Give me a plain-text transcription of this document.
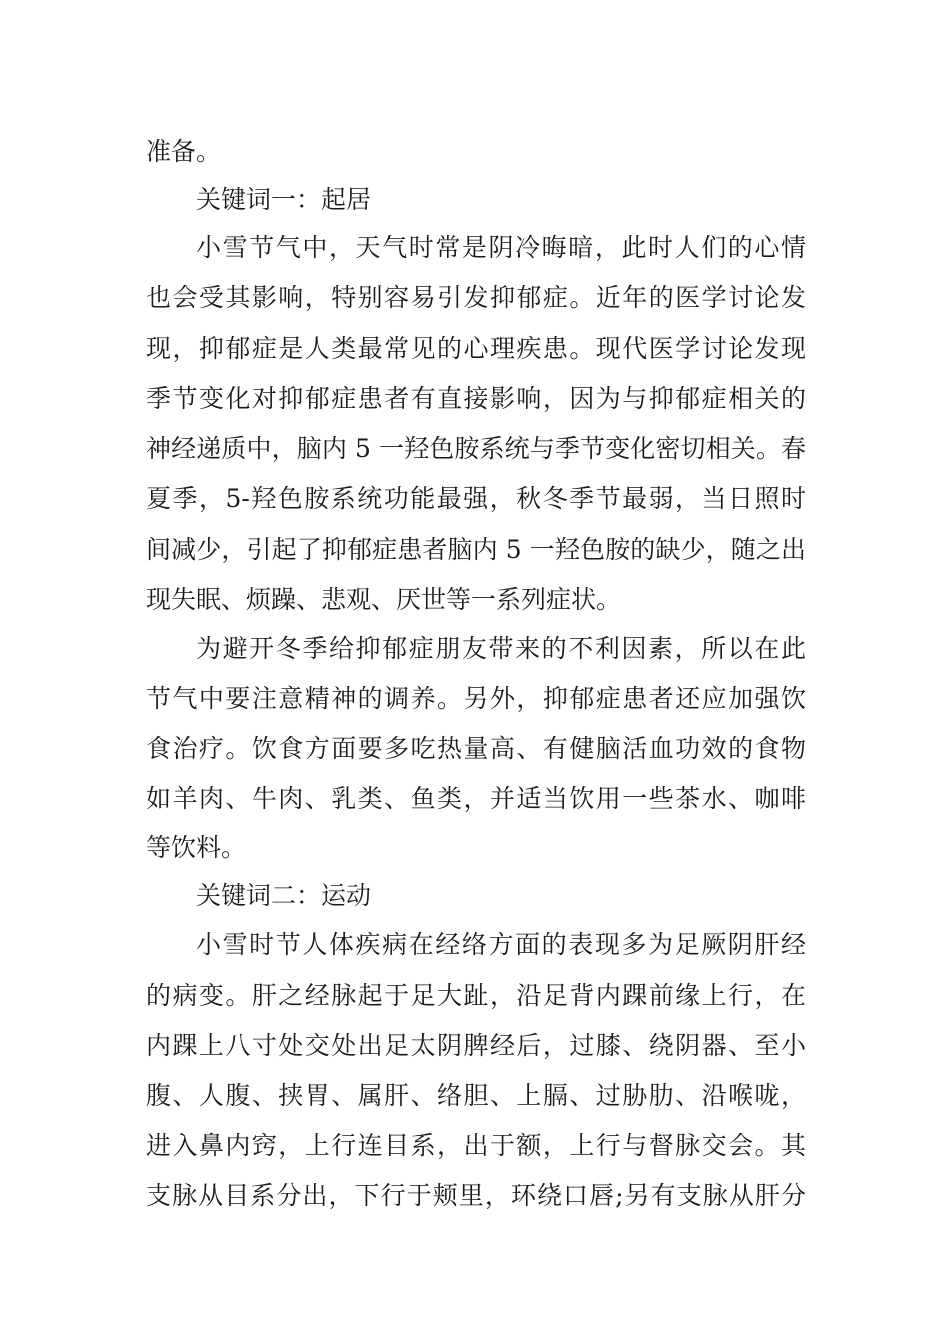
准备。
关键词一：起居
小雪节气中，天气时常是阴冷晦暗，此时人们的心情
也会受其影响，特别容易引发抑郁症。近年的医学讨论发
现，抑郁症是人类最常见的心理疾患。现代医学讨论发现
季节变化对抑郁症患者有直接影响，因为与抑郁症相关的
神经递质中，脑内 5 一羟色胺系统与季节变化密切相关。春
夏季，5-羟色胺系统功能最强，秋冬季节最弱，当日照时
间减少，引起了抑郁症患者脑内 5 一羟色胺的缺少，随之出
现失眠、烦躁、悲观、厌世等一系列症状。
为避开冬季给抑郁症朋友带来的不利因素，所以在此
节气中要注意精神的调养。另外，抑郁症患者还应加强饮
食治疗。饮食方面要多吃热量高、有健脑活血功效的食物
如羊肉、牛肉、乳类、鱼类，并适当饮用一些茶水、咖啡
等饮料。
关键词二：运动
小雪时节人体疾病在经络方面的表现多为足厥阴肝经
的病变。肝之经脉起于足大趾，沿足背内踝前缘上行，在
内踝上八寸处交处出足太阴脾经后，过膝、绕阴器、至小
腹、人腹、挟胃、属肝、络胆、上膈、过胁肋、沿喉咙，
进入鼻内窍，上行连目系，出于额，上行与督脉交会。其
支脉从目系分出，下行于颊里，环绕口唇;另有支脉从肝分
